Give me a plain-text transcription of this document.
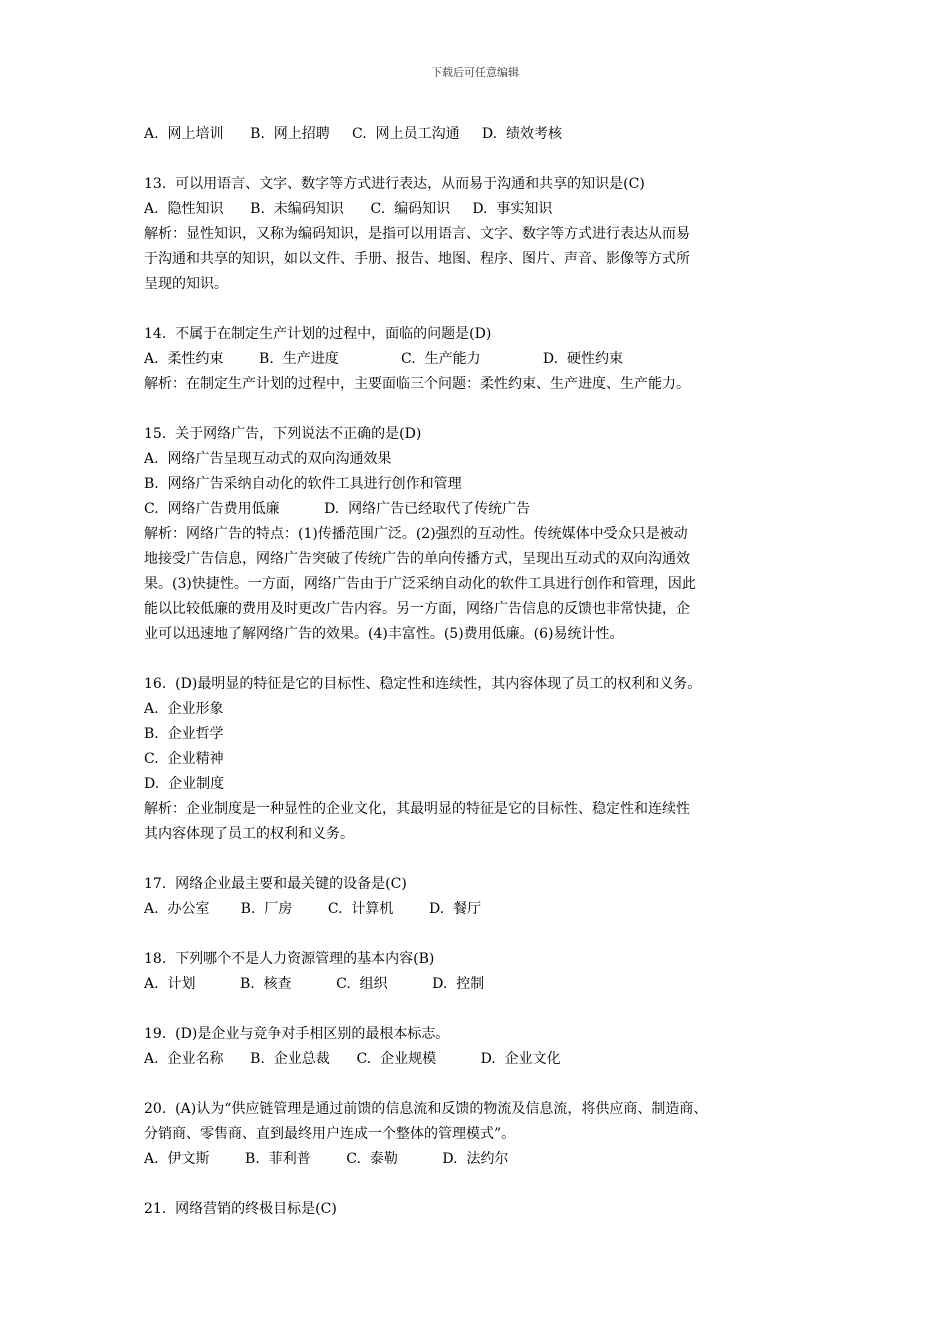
下载后可任意编辑
A.  网上培训      B.  网上招聘     C.  网上员工沟通     D.  绩效考核
13.  可以用语言、文字、数字等方式进行表达，从而易于沟通和共享的知识是(C)
A.  隐性知识      B.  未编码知识      C.  编码知识     D.  事实知识
解析：显性知识，又称为编码知识，是指可以用语言、文字、数字等方式进行表达从而易
于沟通和共享的知识，如以文件、手册、报告、地图、程序、图片、声音、影像等方式所
呈现的知识。
14.  不属于在制定生产计划的过程中，面临的问题是(D)
A.  柔性约束        B.  生产进度              C.  生产能力              D.  硬性约束
解析：在制定生产计划的过程中，主要面临三个问题：柔性约束、生产进度、生产能力。
15.  关于网络广告，下列说法不正确的是(D)
A.  网络广告呈现互动式的双向沟通效果
B.  网络广告采纳自动化的软件工具进行创作和管理
C.  网络广告费用低廉          D.  网络广告已经取代了传统广告
解析：网络广告的特点：(1)传播范围广泛。(2)强烈的互动性。传统媒体中受众只是被动
地接受广告信息，网络广告突破了传统广告的单向传播方式，呈现出互动式的双向沟通效
果。(3)快捷性。一方面，网络广告由于广泛采纳自动化的软件工具进行创作和管理，因此
能以比较低廉的费用及时更改广告内容。另一方面，网络广告信息的反馈也非常快捷，企
业可以迅速地了解网络广告的效果。(4)丰富性。(5)费用低廉。(6)易统计性。
16.  (D)最明显的特征是它的目标性、稳定性和连续性，其内容体现了员工的权利和义务。
A.  企业形象
B.  企业哲学
C.  企业精神
D.  企业制度
解析：企业制度是一种显性的企业文化，其最明显的特征是它的目标性、稳定性和连续性
其内容体现了员工的权利和义务。
17.  网络企业最主要和最关键的设备是(C)
A.  办公室       B.  厂房        C.  计算机        D.  餐厅
18.  下列哪个不是人力资源管理的基本内容(B)
A.  计划          B.  核查          C.  组织          D.  控制
19.  (D)是企业与竞争对手相区别的最根本标志。
A.  企业名称      B.  企业总裁      C.  企业规模          D.  企业文化
20.  (A)认为“供应链管理是通过前馈的信息流和反馈的物流及信息流，将供应商、制造商、
分销商、零售商、直到最终用户连成一个整体的管理模式”。
A.  伊文斯        B.  菲利普        C.  泰勒          D.  法约尔
21.  网络营销的终极目标是(C)
